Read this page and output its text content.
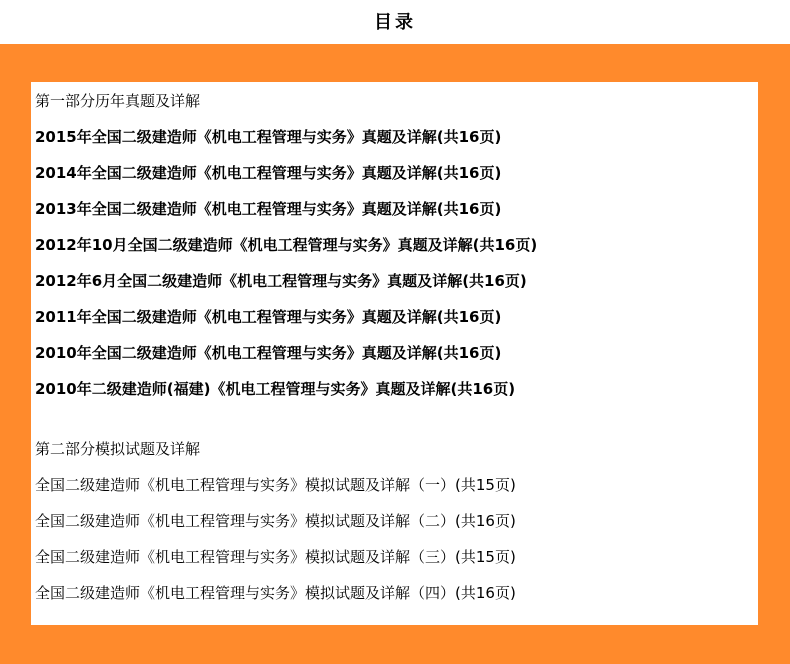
目录
第一部分历年真题及详解
2015年全国二级建造师《机电工程管理与实务》真题及详解(共16页)
2014年全国二级建造师《机电工程管理与实务》真题及详解(共16页)
2013年全国二级建造师《机电工程管理与实务》真题及详解(共16页)
2012年10月全国二级建造师《机电工程管理与实务》真题及详解(共16页)
2012年6月全国二级建造师《机电工程管理与实务》真题及详解(共16页)
2011年全国二级建造师《机电工程管理与实务》真题及详解(共16页)
2010年全国二级建造师《机电工程管理与实务》真题及详解(共16页)
2010年二级建造师(福建)《机电工程管理与实务》真题及详解(共16页)
第二部分模拟试题及详解
全国二级建造师《机电工程管理与实务》模拟试题及详解（一）(共15页)
全国二级建造师《机电工程管理与实务》模拟试题及详解（二）(共16页)
全国二级建造师《机电工程管理与实务》模拟试题及详解（三）(共15页)
全国二级建造师《机电工程管理与实务》模拟试题及详解（四）(共16页)
